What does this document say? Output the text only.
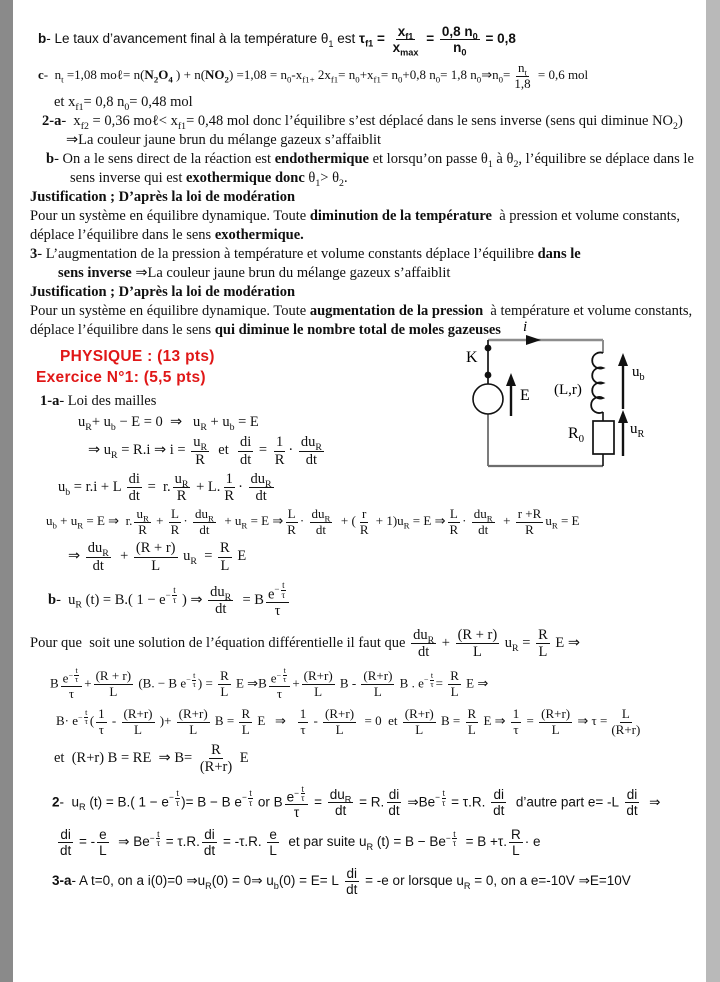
b- Le taux d’avancement final à la température $\theta_1$ est $\tau_{f1} = \frac{x_{f1}}{x_{max}} = \frac{0,8 n_0}{n_0} = 0,8$
c-  $n_t =1,08$ moℓ= $n(N_2O_4$ ) + $n(NO_2) =1,08 = n_0-x_{f1+}$ $2x_{f1}= n_0+x_{f1}= n_0+0,8$ $n_0= 1,8$ $n_0\Rightarrow n_0= \frac{n_t}{1,8} = 0,6$ mol
et $x_{f1}= 0,8$ $n_0= 0,48$ mol
2-a-  $x_{f2} = 0,36$ moℓ< $x_{f1}= 0,48$ mol donc l’équilibre s’est déplacé dans le sens inverse (sens qui diminue $NO_2$)
⇒La couleur jaune brun du mélange gazeux s’affaiblit
b- On a le sens direct de la réaction est endothermique et lorsqu’on passe $\theta_1$ à $\theta_2$, l’équilibre se déplace dans le
sens inverse qui est exothermique donc $\theta_1> \theta_2$.
Justification ; D’après la loi de modération
Pour un système en équilibre dynamique. Toute diminution de la température  à pression et volume constants,
déplace l’équilibre dans le sens exothermique.
3- L’augmentation de la pression à température et volume constants déplace l’équilibre dans le
sens inverse ⇒La couleur jaune brun du mélange gazeux s’affaiblit
Justification ; D’après la loi de modération
Pour un système en équilibre dynamique. Toute augmentation de la pression  à température et volume constants,
déplace l’équilibre dans le sens qui diminue le nombre total de moles gazeuses
PHYSIQUE : (13 pts)
Exercice N°1: (5,5 pts)
1-a- Loi des mailles
$u_R+ u_b - E = 0$  ⇒   $u_R + u_b = E$
⇒ $u_R = R.i$ ⇒ $i = \frac{u_R}{R}$ et $\frac{di}{dt} = \frac{1}{R} \cdot \frac{du_R}{dt}$
$u_b = r.i + L \frac{di}{dt} = r$. $\frac{u_R}{R} + L$. $\frac{1}{R} \cdot \frac{du_R}{dt}$
$u_b + u_R = E$ ⇒  r. $\frac{u_R}{R} + \frac{L}{R} \cdot \frac{du_R}{dt} + u_R = E$ ⇒ $\frac{L}{R} \cdot \frac{du_R}{dt}$ + ( $\frac{r}{R} + 1)u_R = E$ ⇒ $\frac{L}{R} \cdot \frac{du_R}{dt} + \frac{r +R}{R} u_R = E$
⇒ $\frac{du_R}{dt} + \frac{(R + r)}{L} u_R = \frac{R}{L}$ E
b-  $u_R$ (t) = B.( $1 - e^{- \frac{t}{\tau}}$ ) ⇒ $\frac{du_R}{dt} = B$ $e^{- \frac{t}{\tau}}$
τ
Pour que  soit une solution de l’équation différentielle il faut que $\frac{du_R}{dt} + \frac{(R + r)}{L} u_R = \frac{R}{L}$ E ⇒
B $e^{- \frac{t}{\tau}}$
$\tau + \frac{(R + r)}{L} (B$. − B $e^{- \frac{t}{\tau}}$ ) = $\frac{R}{L}$ E ⇒B $e^{- \frac{t}{\tau}}$
$\tau + \frac{(R+r)}{L}$ B - $\frac{(R+r)}{L}$ B . $e^{- \frac{t}{\tau}} = \frac{R}{L}$ E ⇒
$B\cdot e^{- \frac{t}{\tau}}$ ( $\frac{1}{\tau} - \frac{(R+r)}{L}$ )+ $\frac{(R+r)}{L}$ $B = \frac{R}{L}$ E   ⇒ $\frac{1}{\tau} - \frac{(R+r)}{L} = 0$  et $\frac{(R+r)}{L}$ $B = \frac{R}{L}$ E ⇒ $\frac{1}{\tau} = \frac{(R+r)}{L}$ ⇒ $\tau = \frac{L}{(R+r)}$
et  (R+r) B = RE  ⇒ $B= \frac{R}{(R+r)}$ E
2-  $u_R$ (t) = B.( $1 - e^{- \frac{t}{\tau}}$ )= B − B $e^{- \frac{t}{\tau}}$ or B $e^{- \frac{t}{\tau}}$
$\tau = \frac{du_R}{dt} = R$. $\frac{di}{dt}$ $\Rightarrow Be^{- \frac{t}{\tau}} = \tau.R$. $\frac{di}{dt}$ d’autre part $e= -L \frac{di}{dt}$ ⇒
$\frac{di}{dt}$ = - $\frac{e}{L}$ ⇒ $Be^{- \frac{t}{\tau}} = \tau.R$. $\frac{di}{dt} = -\tau.R$. $\frac{e}{L}$ et par suite $u_R$ $(t) = B - Be^{- \frac{t}{\tau}} = B +\tau$. $\frac{R}{L} \cdot e$
3-a- A t=0, on a i(0)=0 $\Rightarrow u_R(0)$ = 0⇒ $u_b(0) = E= L \frac{di}{dt} = -e$ or lorsque $u_R = 0$, on a e=-10V ⇒E=10V
i
K
E (L,r)
$R_0$
$u_b$
$u_R$
